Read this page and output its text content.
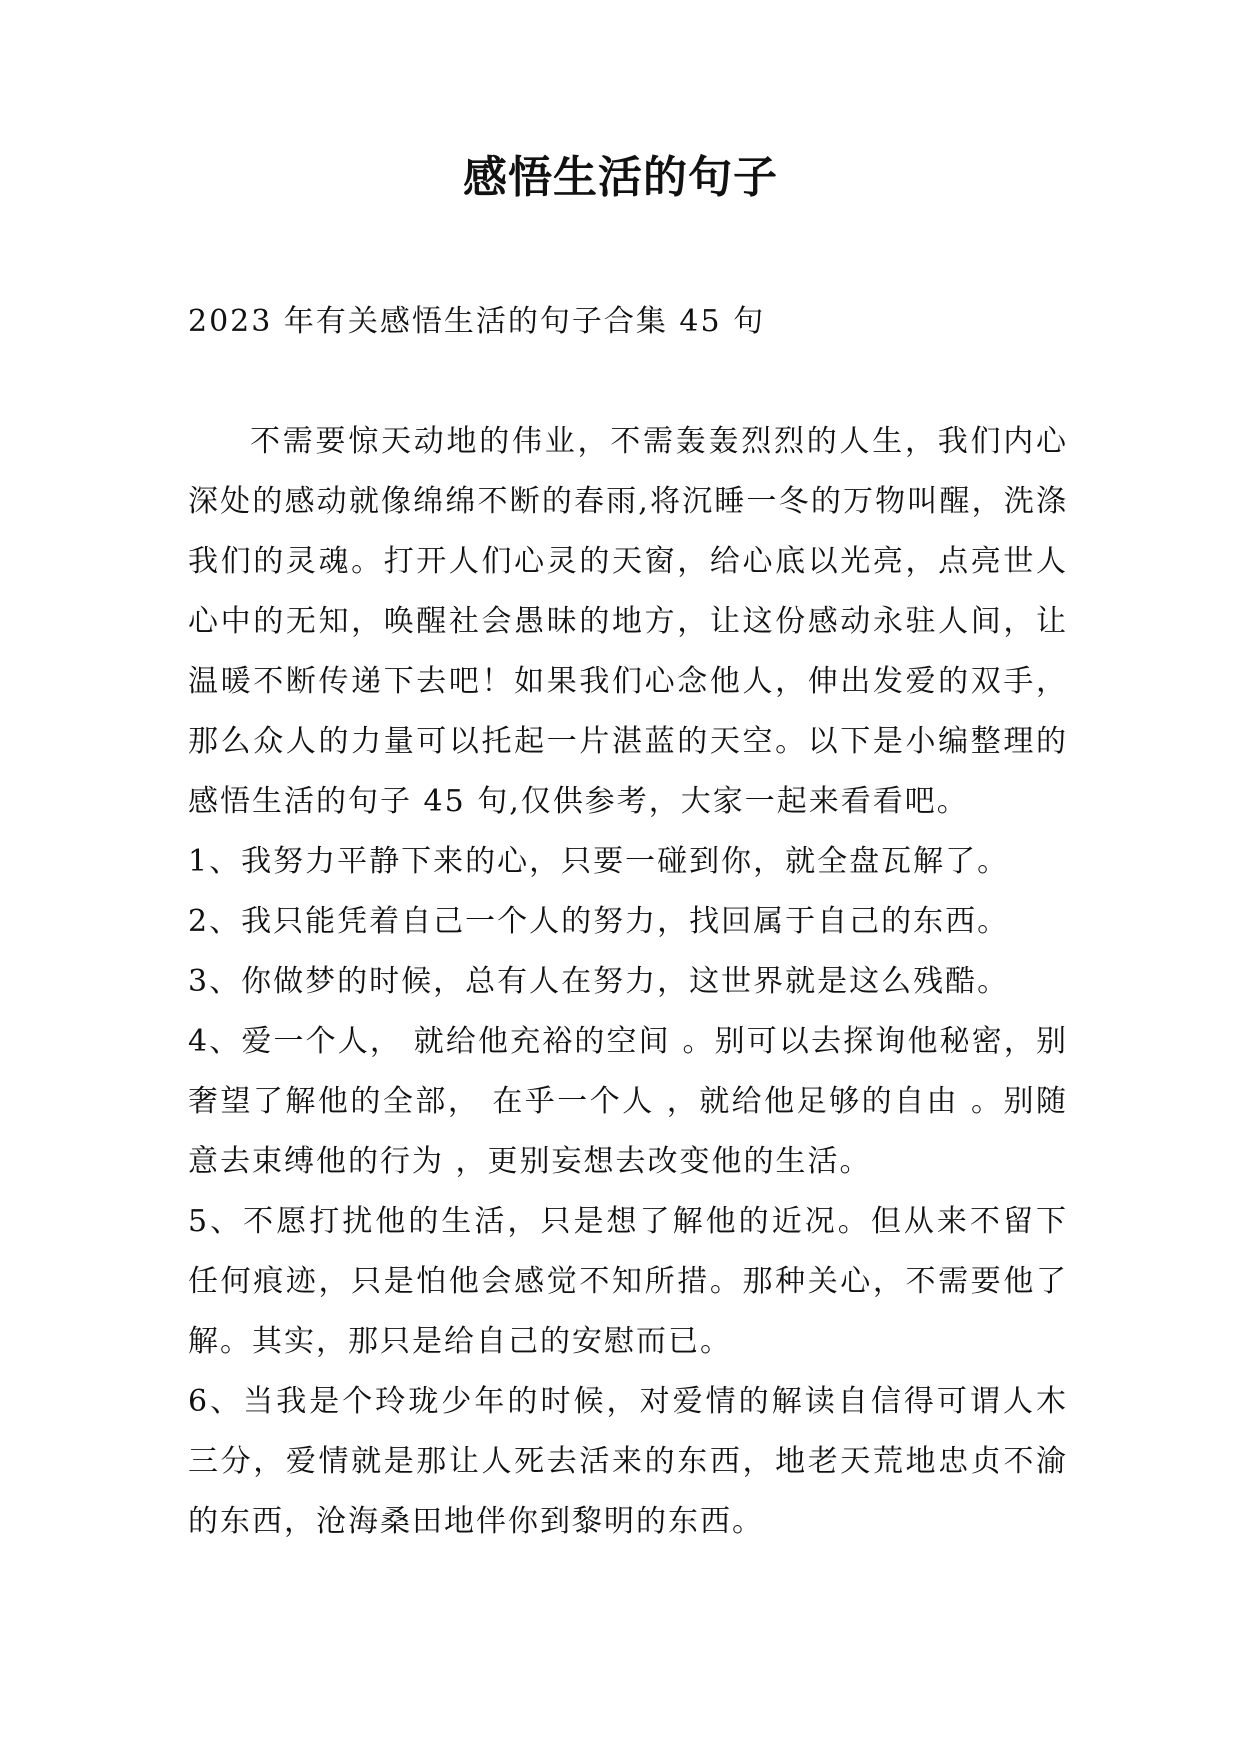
感悟生活的句子

2023 年有关感悟生活的句子合集 45 句

不需要惊天动地的伟业，不需轰轰烈烈的人生，我们内心深处的感动就像绵绵不断的春雨,将沉睡一冬的万物叫醒，洗涤我们的灵魂。打开人们心灵的天窗，给心底以光亮，点亮世人心中的无知，唤醒社会愚昧的地方，让这份感动永驻人间，让温暖不断传递下去吧！如果我们心念他人，伸出发爱的双手，那么众人的力量可以托起一片湛蓝的天空。以下是小编整理的感悟生活的句子 45 句,仅供参考，大家一起来看看吧。

1、我努力平静下来的心，只要一碰到你，就全盘瓦解了。

2、我只能凭着自己一个人的努力，找回属于自己的东西。

3、你做梦的时候，总有人在努力，这世界就是这么残酷。

4、爱一个人， 就给他充裕的空间 。别可以去探询他秘密，别奢望了解他的全部， 在乎一个人 ，就给他足够的自由 。别随意去束缚他的行为 ，更别妄想去改变他的生活。

5、不愿打扰他的生活，只是想了解他的近况。但从来不留下任何痕迹，只是怕他会感觉不知所措。那种关心，不需要他了解。其实，那只是给自己的安慰而已。

6、当我是个玲珑少年的时候，对爱情的解读自信得可谓人木三分，爱情就是那让人死去活来的东西，地老天荒地忠贞不渝的东西，沧海桑田地伴你到黎明的东西。
